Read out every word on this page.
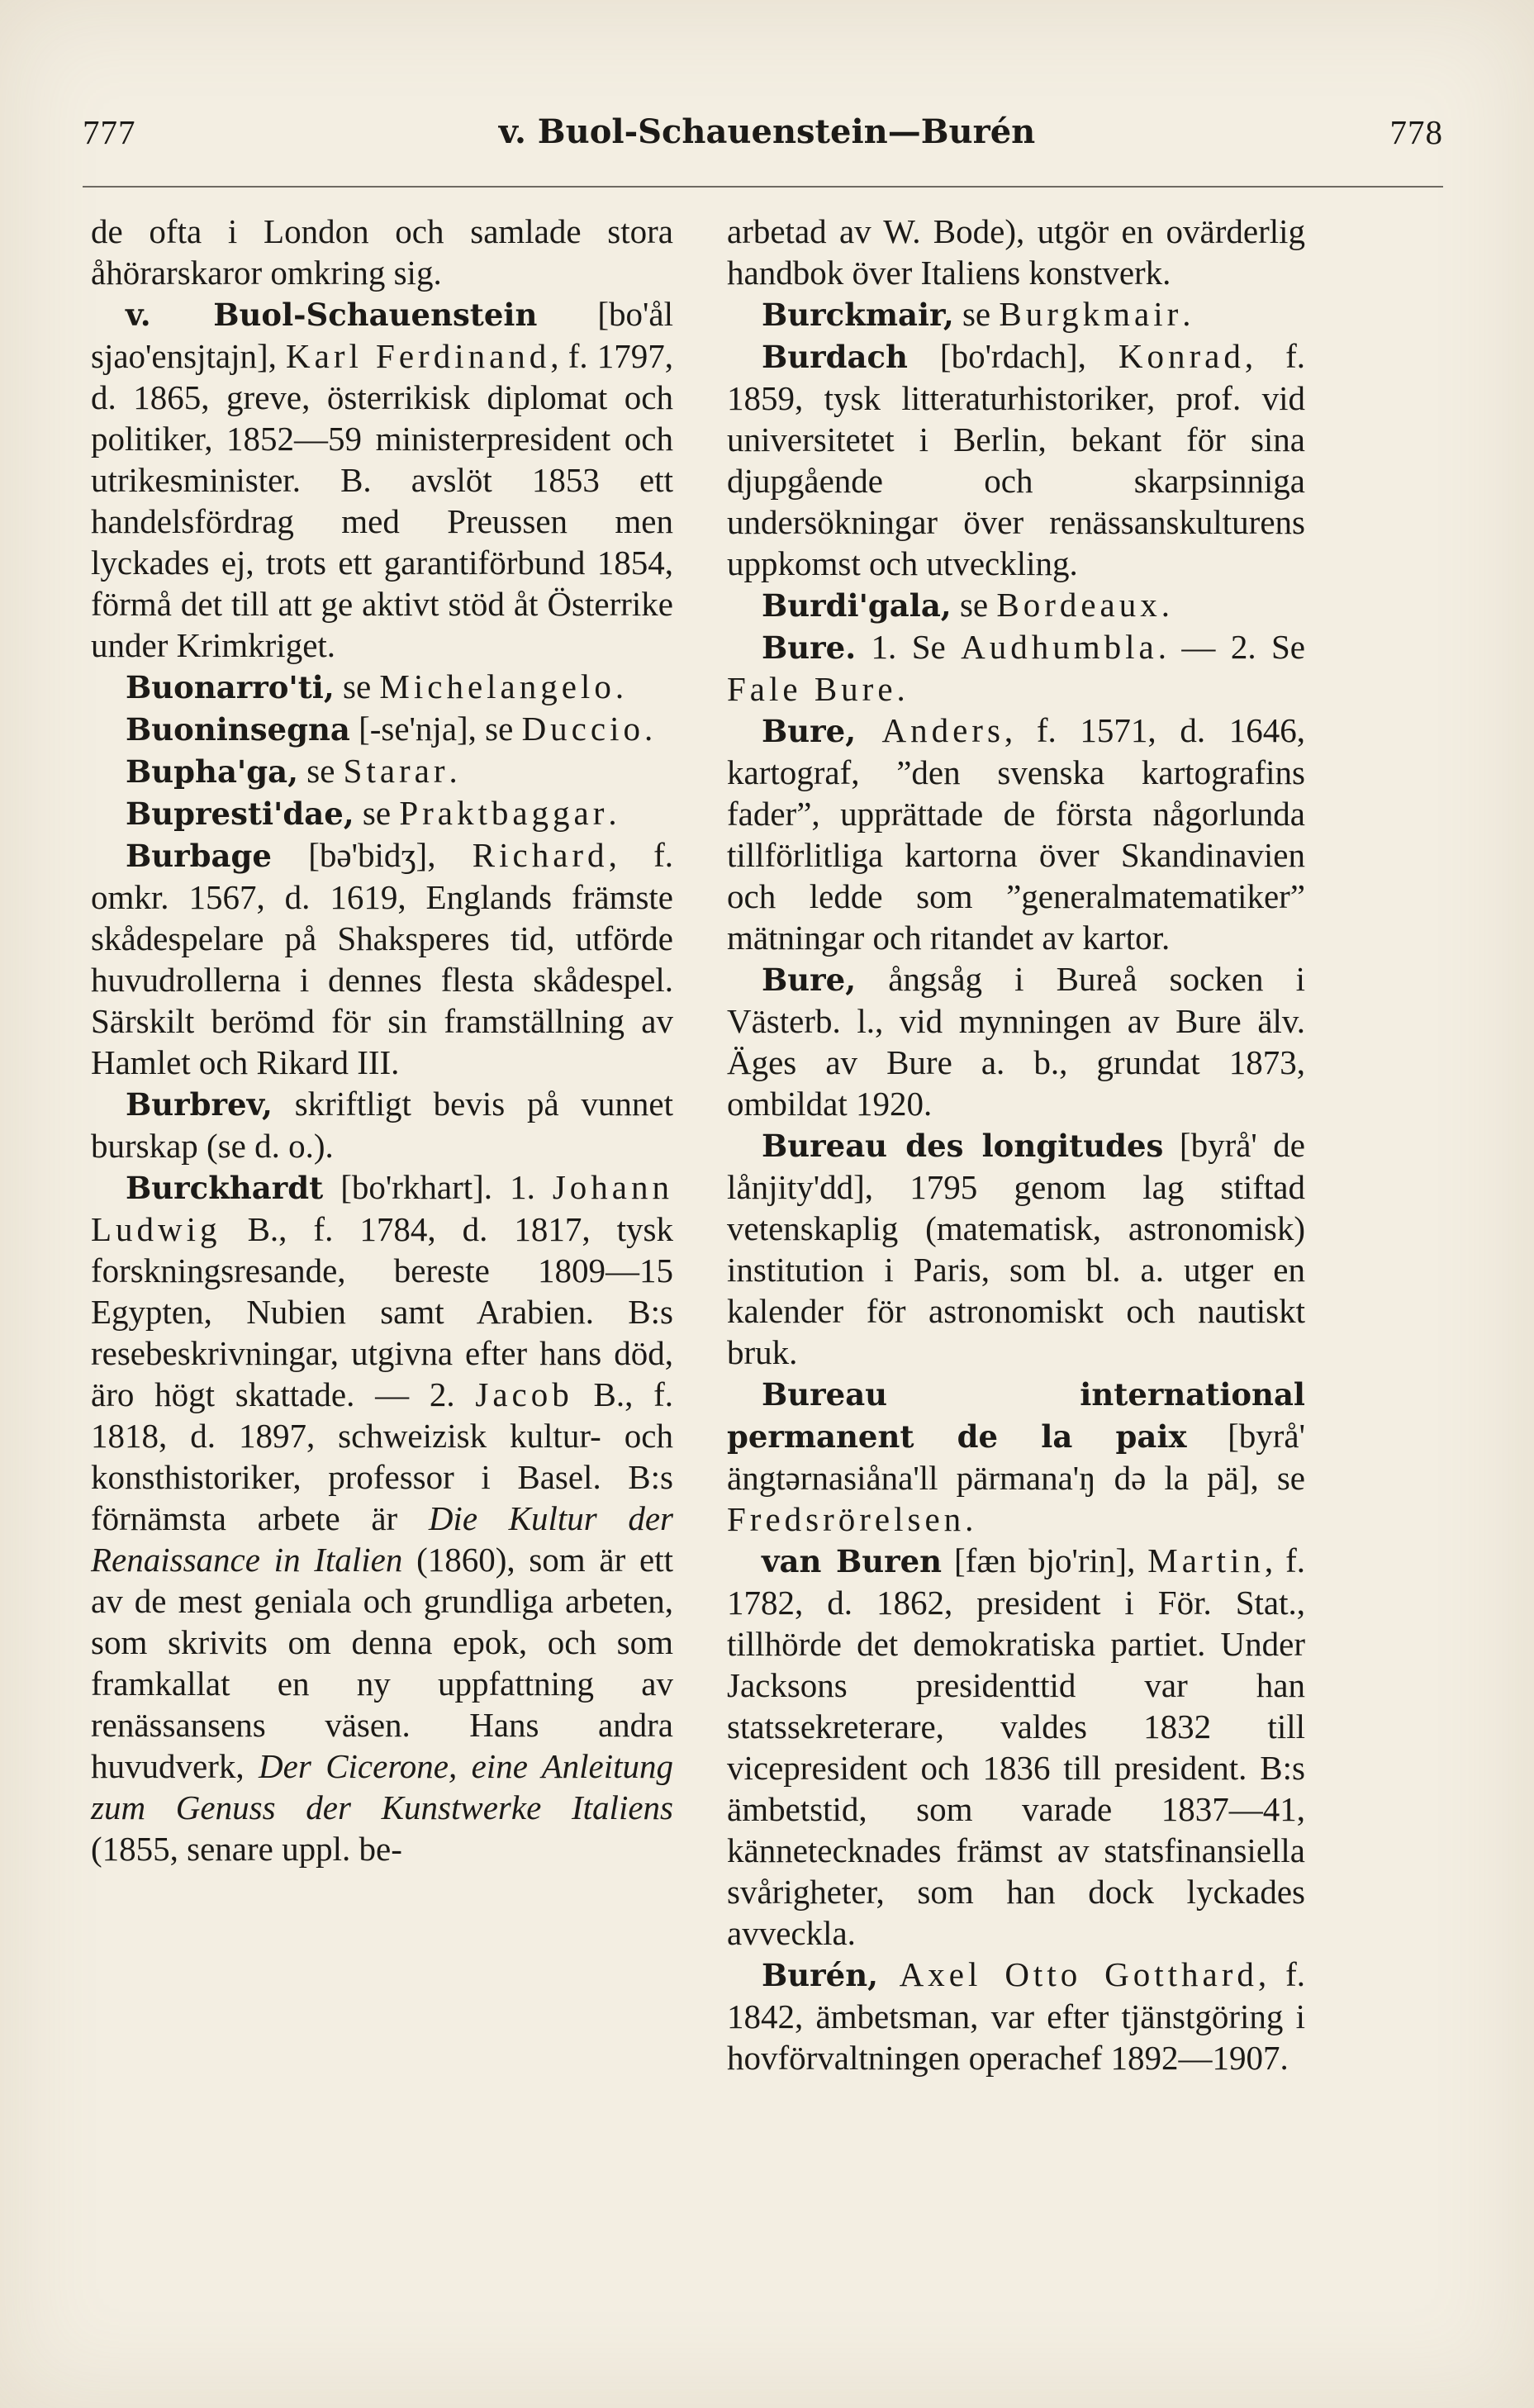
777	v. Buol-Schauenstein—Burén	778

de ofta i London och samlade stora åhörarskaror omkring sig.

v. Buol-Schauenstein [bo'ål sjao'ensjtajn], Karl Ferdinand, f. 1797, d. 1865, greve, österrikisk diplomat och politiker, 1852—59 ministerpresident och utrikesminister. B. avslöt 1853 ett handelsfördrag med Preussen men lyckades ej, trots ett garantiförbund 1854, förmå det till att ge aktivt stöd åt Österrike under Krimkriget.

Buonarro'ti, se Michelangelo.

Buoninsegna [-se'nja], se Duccio.

Bupha'ga, se Starar.

Bupresti'dae, se Praktbaggar.

Burbage [bə'bidʒ], Richard, f. omkr. 1567, d. 1619, Englands främste skådespelare på Shaksperes tid, utförde huvudrollerna i dennes flesta skådespel. Särskilt berömd för sin framställning av Hamlet och Rikard III.

Burbrev, skriftligt bevis på vunnet burskap (se d. o.).

Burckhardt [bo'rkhart]. 1. Johann Ludwig B., f. 1784, d. 1817, tysk forskningsresande, bereste 1809—15 Egypten, Nubien samt Arabien. B:s resebeskrivningar, utgivna efter hans död, äro högt skattade. — 2. Jacob B., f. 1818, d. 1897, schweizisk kultur- och konsthistoriker, professor i Basel. B:s förnämsta arbete är Die Kultur der Renaissance in Italien (1860), som är ett av de mest geniala och grundliga arbeten, som skrivits om denna epok, och som framkallat en ny uppfattning av renässansens väsen. Hans andra huvudverk, Der Cicerone, eine Anleitung zum Genuss der Kunstwerke Italiens (1855, senare uppl. be-

arbetad av W. Bode), utgör en ovärderlig handbok över Italiens konstverk.

Burckmair, se Burgkmair.

Burdach [bo'rdach], Konrad, f. 1859, tysk litteraturhistoriker, prof. vid universitetet i Berlin, bekant för sina djupgående och skarpsinniga undersökningar över renässanskulturens uppkomst och utveckling.

Burdi'gala, se Bordeaux.

Bure. 1. Se Audhumbla. — 2. Se Fale Bure.

Bure, Anders, f. 1571, d. 1646, kartograf, ”den svenska kartografins fader”, upprättade de första någorlunda tillförlitliga kartorna över Skandinavien och ledde som ”generalmatematiker” mätningar och ritandet av kartor.

Bure, ångsåg i Bureå socken i Västerb. l., vid mynningen av Bure älv. Äges av Bure a. b., grundat 1873, ombildat 1920.

Bureau des longitudes [byrå' de lånjity'dd], 1795 genom lag stiftad vetenskaplig (matematisk, astronomisk) institution i Paris, som bl. a. utger en kalender för astronomiskt och nautiskt bruk.

Bureau international permanent de la paix [byrå' ängtərnasiåna'll pärmana'ŋ də la pä], se Fredsrörelsen.

van Buren [fæn bjo'rin], Martin, f. 1782, d. 1862, president i För. Stat., tillhörde det demokratiska partiet. Under Jacksons presidenttid var han statssekreterare, valdes 1832 till vicepresident och 1836 till president. B:s ämbetstid, som varade 1837—41, kännetecknades främst av statsfinansiella svårigheter, som han dock lyckades avveckla.

Burén, Axel Otto Gotthard, f. 1842, ämbetsman, var efter tjänstgöring i hovförvaltningen operachef 1892—1907.
